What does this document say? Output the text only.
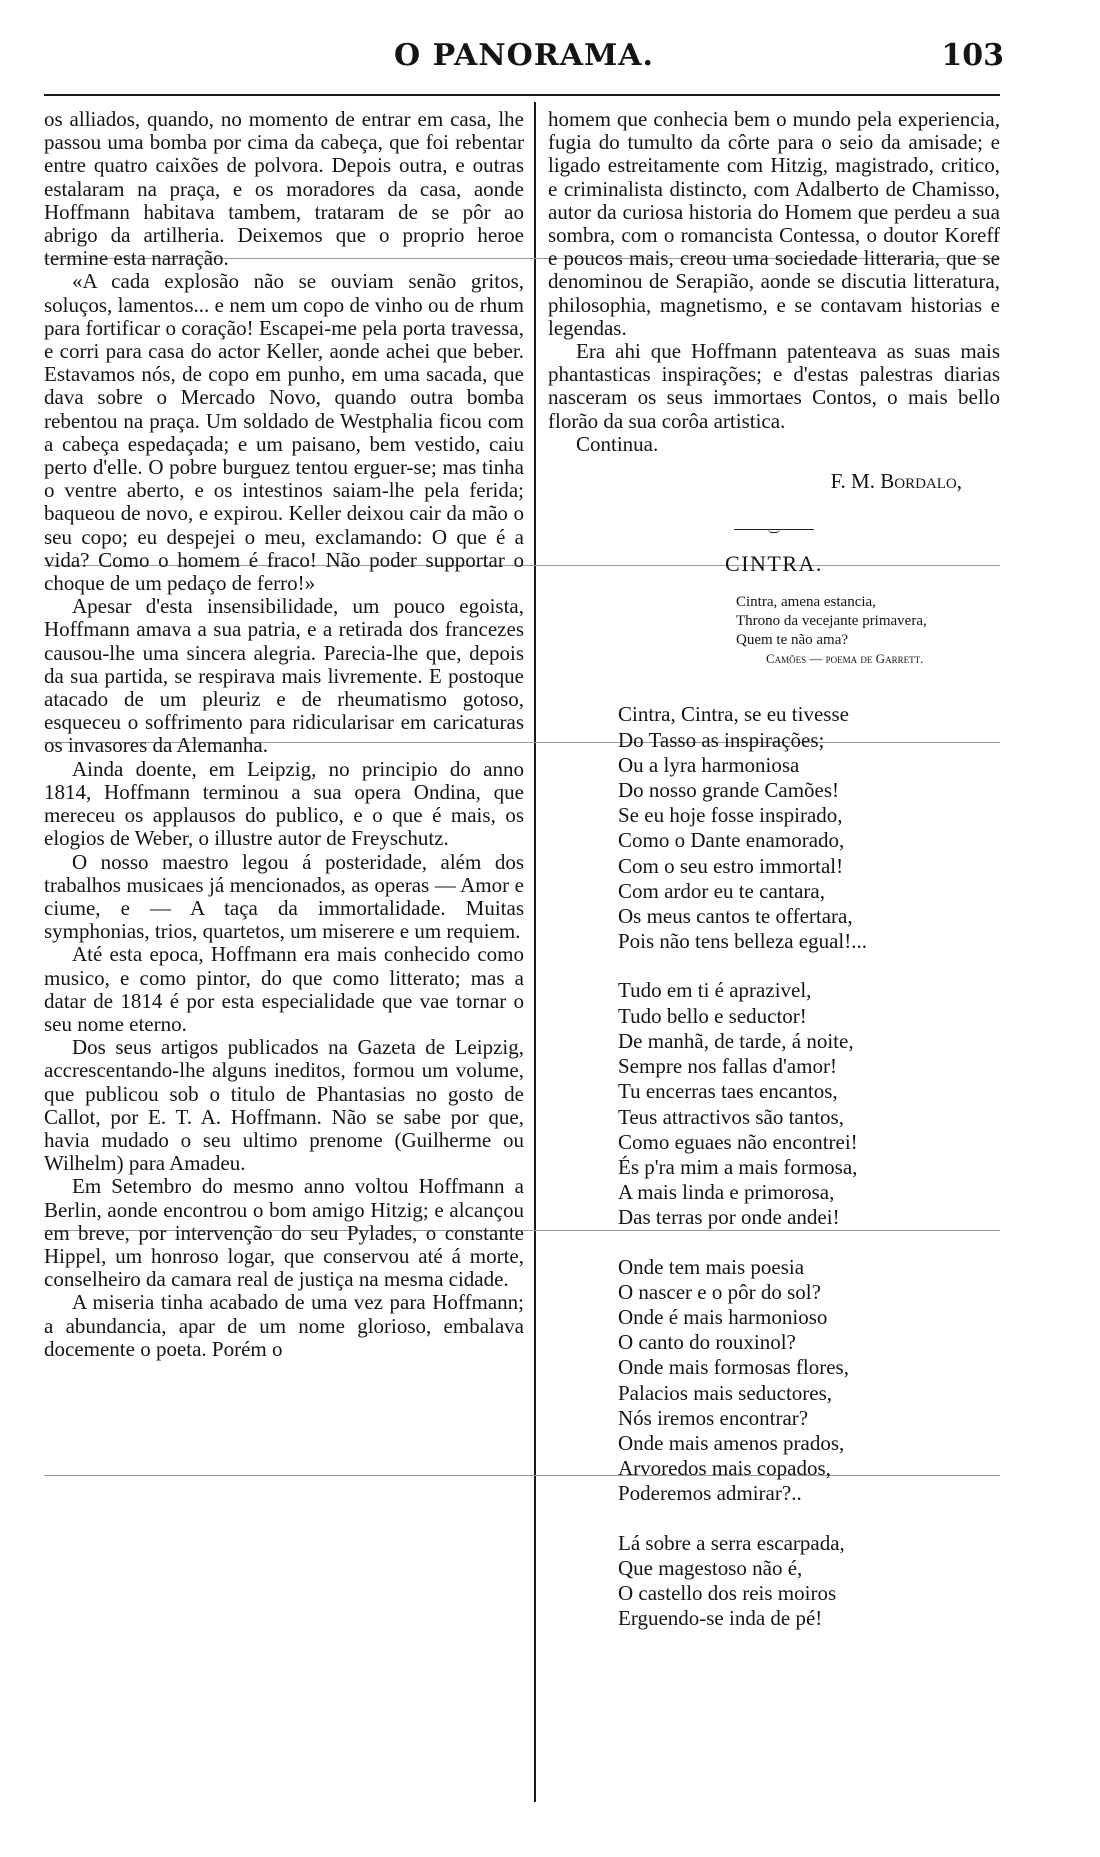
O PANORAMA.	103

os alliados, quando, no momento de entrar em casa, lhe passou uma bomba por cima da cabeça, que foi rebentar entre quatro caixões de polvora. Depois outra, e outras estalaram na praça, e os moradores da casa, aonde Hoffmann habitava tambem, trataram de se pôr ao abrigo da artilheria. Deixemos que o proprio heroe termine esta narração.

«A cada explosão não se ouviam senão gritos, soluços, lamentos... e nem um copo de vinho ou de rhum para fortificar o coração! Escapei-me pela porta travessa, e corri para casa do actor Keller, aonde achei que beber. Estavamos nós, de copo em punho, em uma sacada, que dava sobre o Mercado Novo, quando outra bomba rebentou na praça. Um soldado de Westphalia ficou com a cabeça espedaçada; e um paisano, bem vestido, caiu perto d'elle. O pobre burguez tentou erguer-se; mas tinha o ventre aberto, e os intestinos saiam-lhe pela ferida; baqueou de novo, e expirou. Keller deixou cair da mão o seu copo; eu despejei o meu, exclamando: O que é a vida? Como o homem é fraco! Não poder supportar o choque de um pedaço de ferro!»

Apesar d'esta insensibilidade, um pouco egoista, Hoffmann amava a sua patria, e a retirada dos francezes causou-lhe uma sincera alegria. Parecia-lhe que, depois da sua partida, se respirava mais livremente. E postoque atacado de um pleuriz e de rheumatismo gotoso, esqueceu o soffrimento para ridicularisar em caricaturas os invasores da Alemanha.

Ainda doente, em Leipzig, no principio do anno 1814, Hoffmann terminou a sua opera Ondina, que mereceu os applausos do publico, e o que é mais, os elogios de Weber, o illustre autor de Freyschutz.

O nosso maestro legou á posteridade, além dos trabalhos musicaes já mencionados, as operas — Amor e ciume, e — A taça da immortalidade. Muitas symphonias, trios, quartetos, um miserere e um requiem.

Até esta epoca, Hoffmann era mais conhecido como musico, e como pintor, do que como litterato; mas a datar de 1814 é por esta especialidade que vae tornar o seu nome eterno.

Dos seus artigos publicados na Gazeta de Leipzig, accrescentando-lhe alguns ineditos, formou um volume, que publicou sob o titulo de Phantasias no gosto de Callot, por E. T. A. Hoffmann. Não se sabe por que, havia mudado o seu ultimo prenome (Guilherme ou Wilhelm) para Amadeu.

Em Setembro do mesmo anno voltou Hoffmann a Berlin, aonde encontrou o bom amigo Hitzig; e alcançou em breve, por intervenção do seu Pylades, o constante Hippel, um honroso logar, que conservou até á morte, conselheiro da camara real de justiça na mesma cidade.

A miseria tinha acabado de uma vez para Hoffmann; a abundancia, apar de um nome glorioso, embalava docemente o poeta. Porém o

homem que conhecia bem o mundo pela experiencia, fugia do tumulto da côrte para o seio da amisade; e ligado estreitamente com Hitzig, magistrado, critico, e criminalista distincto, com Adalberto de Chamisso, autor da curiosa historia do Homem que perdeu a sua sombra, com o romancista Contessa, o doutor Koreff e poucos mais, creou uma sociedade litteraria, que se denominou de Serapião, aonde se discutia litteratura, philosophia, magnetismo, e se contavam historias e legendas.

Era ahi que Hoffmann patenteava as suas mais phantasticas inspirações; e d'estas palestras diarias nasceram os seus immortaes Contos, o mais bello florão da sua corôa artistica.

Continua.

F. M. Bordalo,
CINTRA.
Cintra, amena estancia,
Throno da vecejante primavera,
Quem te não ama?
Camões — poema de Garrett.
Cintra, Cintra, se eu tivesse
Do Tasso as inspirações;
Ou a lyra harmoniosa
Do nosso grande Camões!
Se eu hoje fosse inspirado,
Como o Dante enamorado,
Com o seu estro immortal!
Com ardor eu te cantara,
Os meus cantos te offertara,
Pois não tens belleza egual!...
Tudo em ti é aprazivel,
Tudo bello e seductor!
De manhã, de tarde, á noite,
Sempre nos fallas d'amor!
Tu encerras taes encantos,
Teus attractivos são tantos,
Como eguaes não encontrei!
És p'ra mim a mais formosa,
A mais linda e primorosa,
Das terras por onde andei!
Onde tem mais poesia
O nascer e o pôr do sol?
Onde é mais harmonioso
O canto do rouxinol?
Onde mais formosas flores,
Palacios mais seductores,
Nós iremos encontrar?
Onde mais amenos prados,
Arvoredos mais copados,
Poderemos admirar?..
Lá sobre a serra escarpada,
Que magestoso não é,
O castello dos reis moiros
Erguendo-se inda de pé!
